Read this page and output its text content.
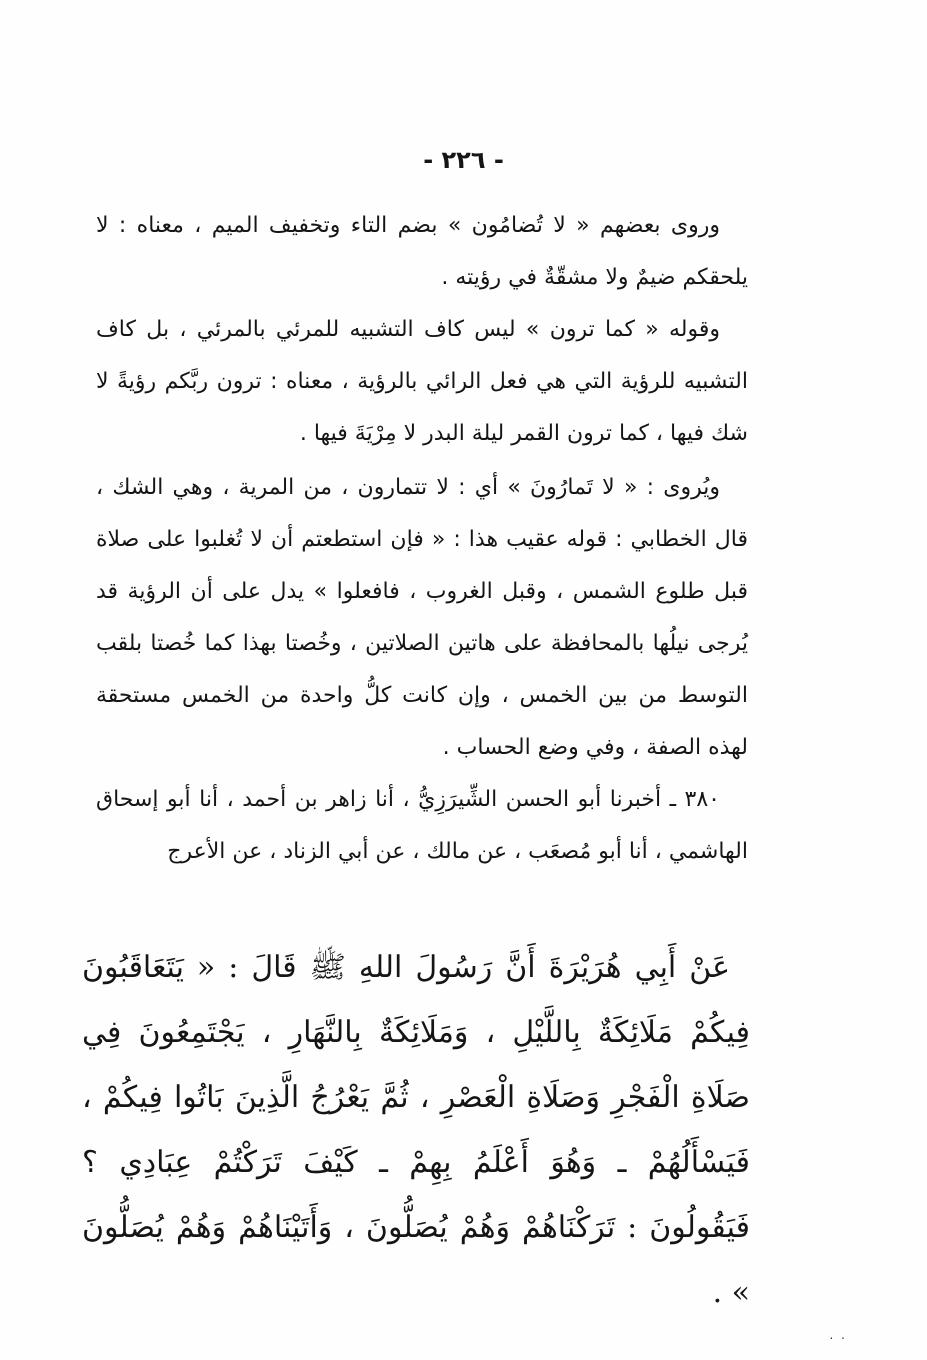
- ٢٢٦ -

وروى بعضهم « لا تُضامُون » بضم التاء وتخفيف الميم ، معناه : لا يلحقكم ضيمٌ ولا مشقّةٌ في رؤيته .

وقوله « كما ترون » ليس كاف التشبيه للمرئي بالمرئي ، بل كاف التشبيه للرؤية التي هي فعل الرائي بالرؤية ، معناه : ترون ربَّكم رؤيةً لا شك فيها ، كما ترون القمر ليلة البدر لا مِرْيَةَ فيها .

ويُروى : « لا تَمارُونَ » أي : لا تتمارون ، من المرية ، وهي الشك ، قال الخطابي : قوله عقيب هذا : « فإن استطعتم أن لا تُغلبوا على صلاة قبل طلوع الشمس ، وقبل الغروب ، فافعلوا » يدل على أن الرؤية قد يُرجى نيلُها بالمحافظة على هاتين الصلاتين ، وخُصتا بهذا كما خُصتا بلقب التوسط من بين الخمس ، وإن كانت كلُّ واحدة من الخمس مستحقة لهذه الصفة ، وفي وضع الحساب .

٣٨٠ ـ أخبرنا أبو الحسن الشِّيرَزِيُّ ، أنا زاهر بن أحمد ، أنا أبو إسحاق الهاشمي ، أنا أبو مُصعَب ، عن مالك ، عن أبي الزناد ، عن الأعرج

عَنْ أَبِي هُرَيْرَةَ أَنَّ رَسُولَ اللهِ ﷺ قَالَ : « يَتَعَاقَبُونَ فِيكُمْ مَلَائِكَةٌ بِاللَّيْلِ ، وَمَلَائِكَةٌ بِالنَّهَارِ ، يَجْتَمِعُونَ فِي صَلَاةِ الْفَجْرِ وَصَلَاةِ الْعَصْرِ ، ثُمَّ يَعْرُجُ الَّذِينَ بَاتُوا فِيكُمْ ، فَيَسْأَلُهُمْ ـ وَهُوَ أَعْلَمُ بِهِمْ ـ كَيْفَ تَرَكْتُمْ عِبَادِي ؟ فَيَقُولُونَ : تَرَكْنَاهُمْ وَهُمْ يُصَلُّونَ ، وَأَتَيْنَاهُمْ وَهُمْ يُصَلُّونَ » .

. .
